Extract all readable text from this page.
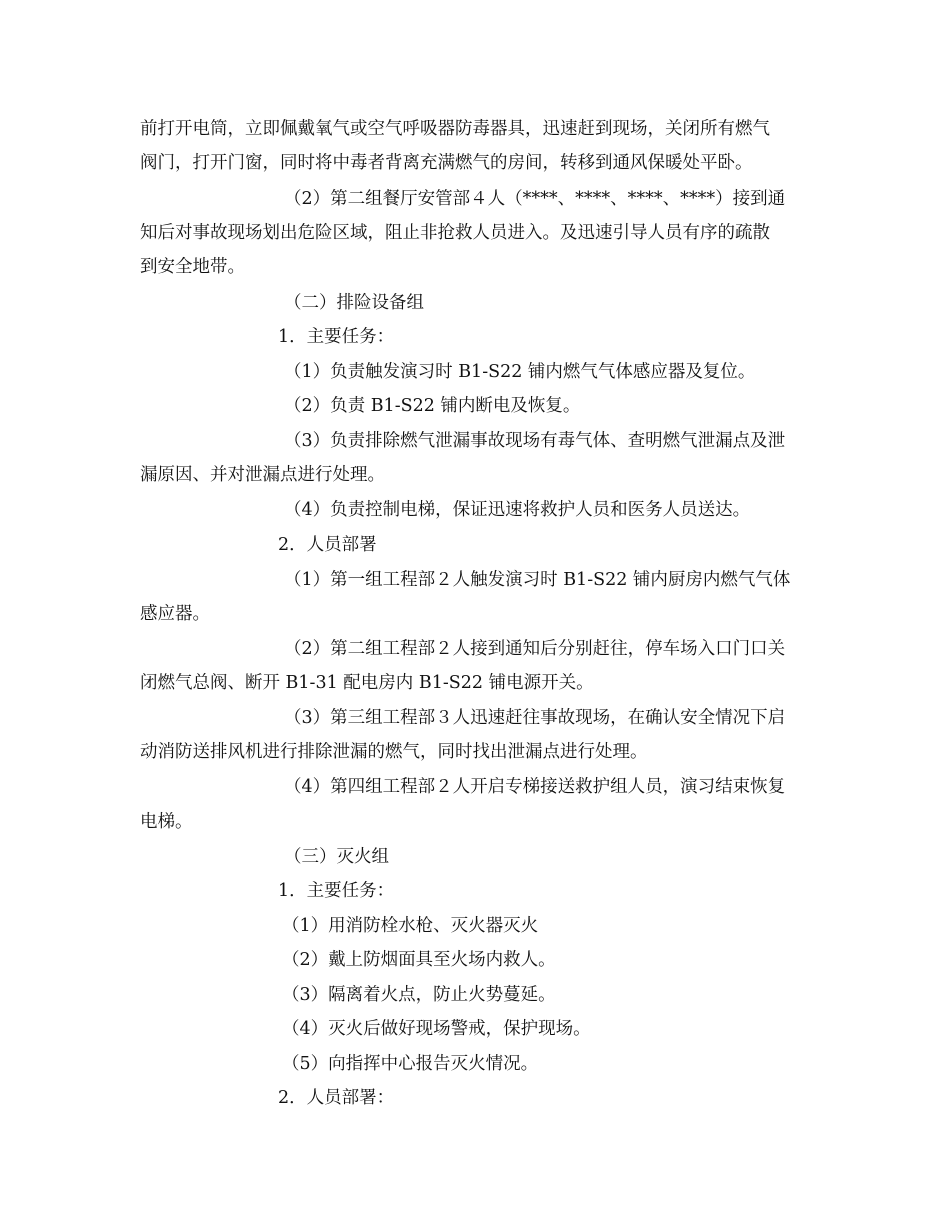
前打开电筒，立即佩戴氧气或空气呼吸器防毒器具，迅速赶到现场，关闭所有燃气
阀门，打开门窗，同时将中毒者背离充满燃气的房间，转移到通风保暖处平卧。
（2）第二组餐厅安管部４人（****、****、****、****）接到通
知后对事故现场划出危险区域，阻止非抢救人员进入。及迅速引导人员有序的疏散
到安全地带。
（二）排险设备组
1．主要任务：
（1）负责触发演习时 B1-S22 铺内燃气气体感应器及复位。
（2）负责 B1-S22 铺内断电及恢复。
（3）负责排除燃气泄漏事故现场有毒气体、查明燃气泄漏点及泄
漏原因、并对泄漏点进行处理。
（4）负责控制电梯，保证迅速将救护人员和医务人员送达。
2．人员部署
（1）第一组工程部２人触发演习时 B1-S22 铺内厨房内燃气气体
感应器。
（2）第二组工程部２人接到通知后分别赶往，停车场入口门口关
闭燃气总阀、断开 B1-31 配电房内 B1-S22 铺电源开关。
（3）第三组工程部３人迅速赶往事故现场，在确认安全情况下启
动消防送排风机进行排除泄漏的燃气，同时找出泄漏点进行处理。
（4）第四组工程部２人开启专梯接送救护组人员，演习结束恢复
电梯。
（三）灭火组
1．主要任务：
（1）用消防栓水枪、灭火器灭火
（2）戴上防烟面具至火场内救人。
（3）隔离着火点，防止火势蔓延。
（4）灭火后做好现场警戒，保护现场。
（5）向指挥中心报告灭火情况。
2．人员部署：
